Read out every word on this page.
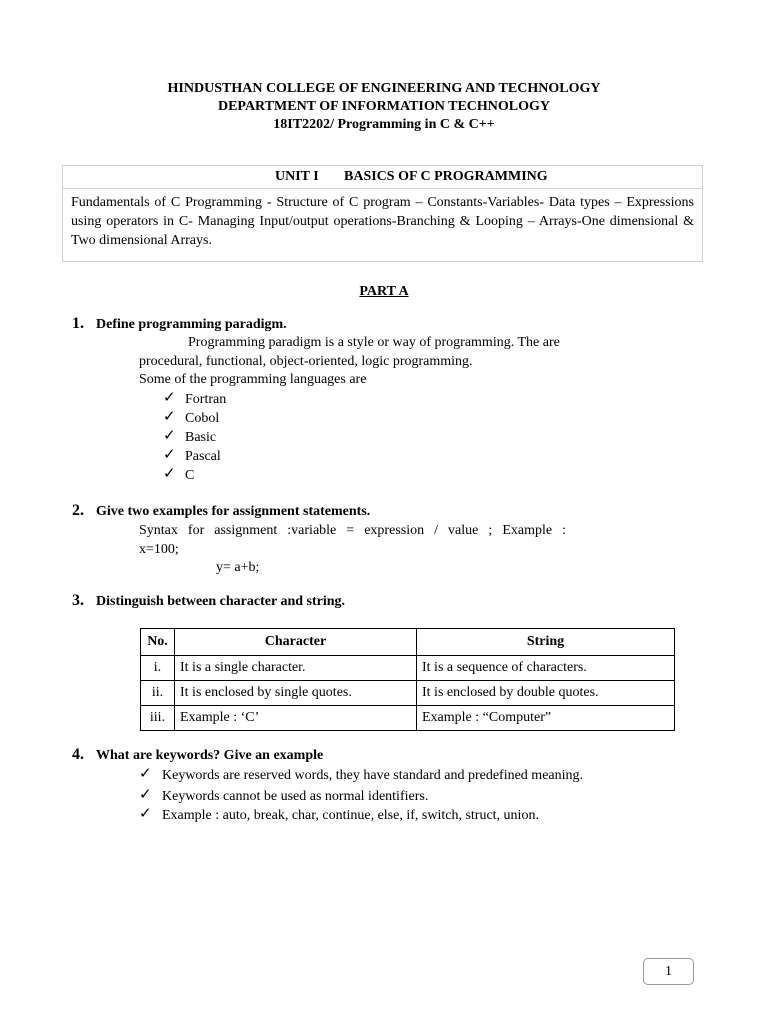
HINDUSTHAN COLLEGE OF ENGINEERING AND TECHNOLOGY
DEPARTMENT OF INFORMATION TECHNOLOGY
18IT2202/ Programming in C & C++
UNIT I BASICS OF C PROGRAMMING
Fundamentals of C Programming - Structure of C program – Constants-Variables- Data types – Expressions using operators in C- Managing Input/output operations-Branching & Looping – Arrays-One dimensional & Two dimensional Arrays.
PART A
1. Define programming paradigm.
Programming paradigm is a style or way of programming. The are
procedural, functional, object-oriented, logic programming.
Some of the programming languages are
✓ Fortran
✓ Cobol
✓ Basic
✓ Pascal
✓ C
2. Give two examples for assignment statements.
Syntax for assignment :variable = expression / value ; Example :
x=100;
y= a+b;
3. Distinguish between character and string.
No.	Character	String
i.	It is a single character.	It is a sequence of characters.
ii.	It is enclosed by single quotes.	It is enclosed by double quotes.
iii.	Example : ‘C’	Example : “Computer”
4. What are keywords? Give an example
✓ Keywords are reserved words, they have standard and predefined meaning.
✓ Keywords cannot be used as normal identifiers.
✓ Example : auto, break, char, continue, else, if, switch, struct, union.
1
